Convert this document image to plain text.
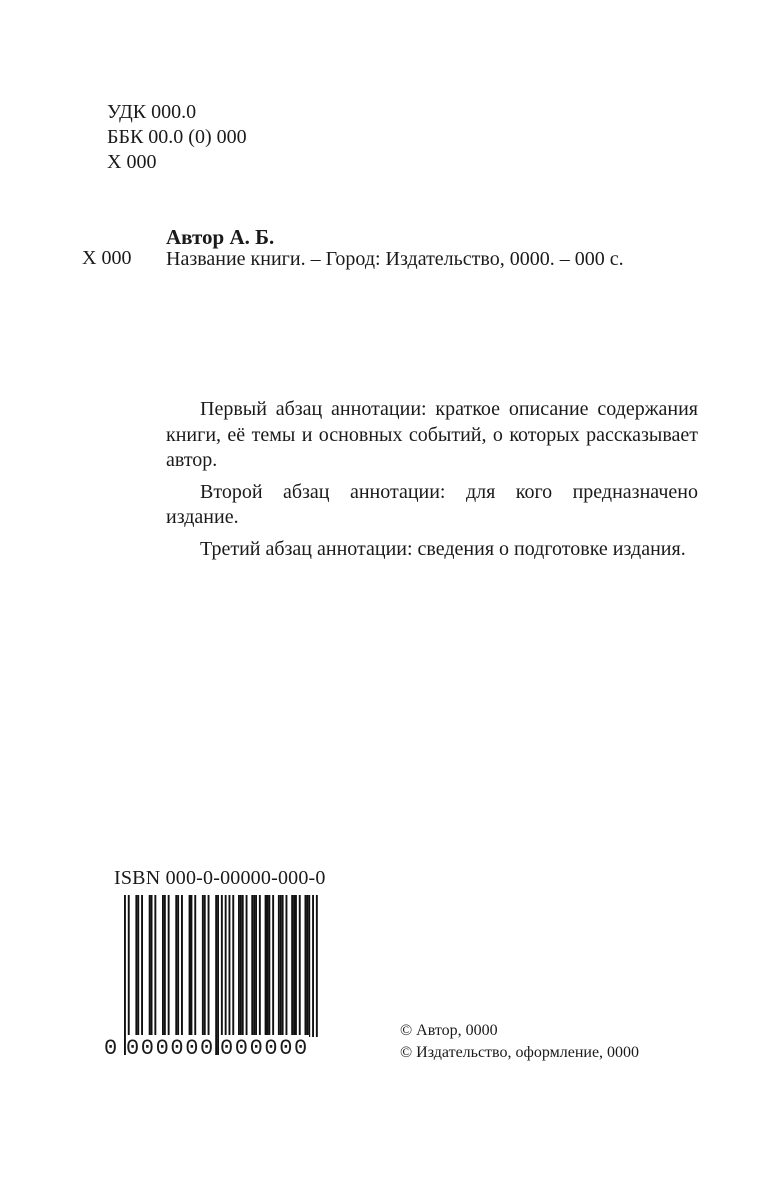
УДК 000.0
ББК 00.0 (0) 000
X 000
Автор А. Б.
X 000 Название книги. – Город: Издательство, 0000. – 000 с.

Первый абзац аннотации: краткое описание содержания книги, её темы и основных событий, о которых рассказывает автор.

Второй абзац аннотации: для кого предназначено издание.

Третий абзац аннотации: сведения о подготовке издания.

ISBN 000-0-00000-000-0
0 000000 000000
© Автор, 0000
© Издательство, оформление, 0000
